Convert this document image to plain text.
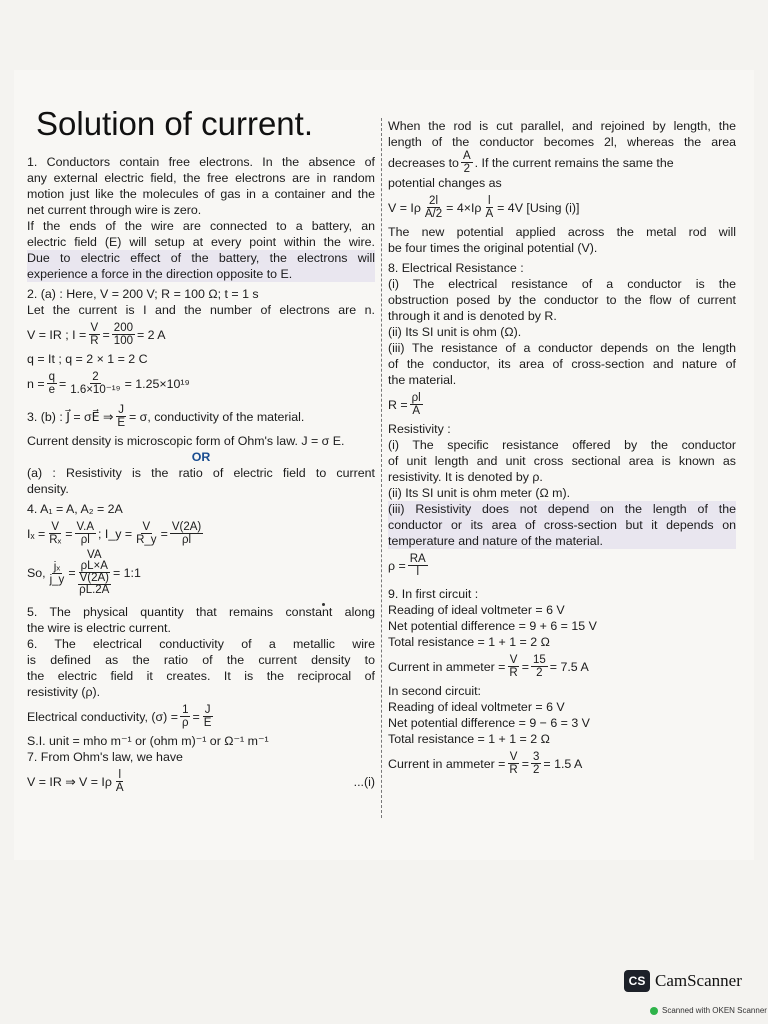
Solution of current.
1. Conductors contain free electrons. In the absence of
any external electric field, the free electrons are in random
motion just like the molecules of gas in a container and the
net current through wire is zero.
If the ends of the wire are connected to a battery, an
electric field (E) will setup at every point within the wire.
Due to electric effect of the battery, the electrons will
experience a force in the direction opposite to E.
2. (a) : Here, V = 200 V; R = 100 Ω; t = 1 s
Let the current is I and the number of electrons are n.
V = IR ; $I = \frac{V}{R} = \frac{200}{100} = 2$ A
q = It ; q = 2 × 1 = 2 C
$n = \frac{q}{e} = \frac{2}{\text{1.6×10⁻¹⁹}} = 1.25\times 10^{19}$
3. (b) : J⃗ = σE⃗ ⇒ $\frac{J}{E} = \sigma$, conductivity of the material.
Current density is microscopic form of Ohm's law. J = σ E.
OR
(a) : Resistivity is the ratio of electric field to current
density.
4. A₁ = A, A₂ = 2A
$I_x = \frac{V}{\text{Rₓ}} = \frac{V.A}{\rho l}$ ; I_y = $\frac{V}{R\_y} = \frac{V(2A)}{\rho l}$
So, $\frac{\text{jₓ}}{j\_y}$ =
VA
ρL×A
V(2A)
ρL.2A
= 1:1
5. The physical quantity that remains constant along
the wire is electric current.
6. The electrical conductivity of a metallic wire
is defined as the ratio of the current density to
the electric field it creates. It is the reciprocal of
resistivity (ρ).
Electrical conductivity, $(\sigma) = \frac{1}{\rho} = \frac{J}{E}$
S.I. unit = mho m⁻¹ or (ohm m)⁻¹ or Ω⁻¹ m⁻¹
7. From Ohm's law, we have
V = IR ⇒ V = Iρ $\frac{l}{A}$	...(i)
When the rod is cut parallel, and rejoined by length, the
length of the conductor becomes 2l, whereas the area
decreases to $\frac{A}{2}$ . If the current remains the same the
potential changes as
V = Iρ $\frac{2l}{A/2} = 4\times I\rho \frac{l}{A} = 4V$ [Using (i)]
The new potential applied across the metal rod will
be four times the original potential (V).
8. Electrical Resistance :
(i) The electrical resistance of a conductor is the
obstruction posed by the conductor to the flow of current
through it and is denoted by R.
(ii) Its SI unit is ohm (Ω).
(iii) The resistance of a conductor depends on the length
of the conductor, its area of cross-section and nature of
the material.
$R = \frac{\rho l}{A}$
Resistivity :
(i) The specific resistance offered by the conductor
of unit length and unit cross sectional area is known as
resistivity. It is denoted by ρ.
(ii) Its SI unit is ohm meter (Ω m).
(iii) Resistivity does not depend on the length of the
conductor or its area of cross-section but it depends on
temperature and nature of the material.
$\rho = \frac{RA}{l}$
9. In first circuit :
Reading of ideal voltmeter = 6 V
Net potential difference = 9 + 6 = 15 V
Total resistance = 1 + 1 = 2 Ω
Current in ammeter = $\frac{V}{R} = \frac{15}{2} = 7.5$ A
In second circuit:
Reading of ideal voltmeter = 6 V
Net potential difference = 9 − 6 = 3 V
Total resistance = 1 + 1 = 2 Ω
Current in ammeter = $\frac{V}{R} = \frac{3}{2} = 1.5$ A
CS CamScanner
Scanned with OKEN Scanner
